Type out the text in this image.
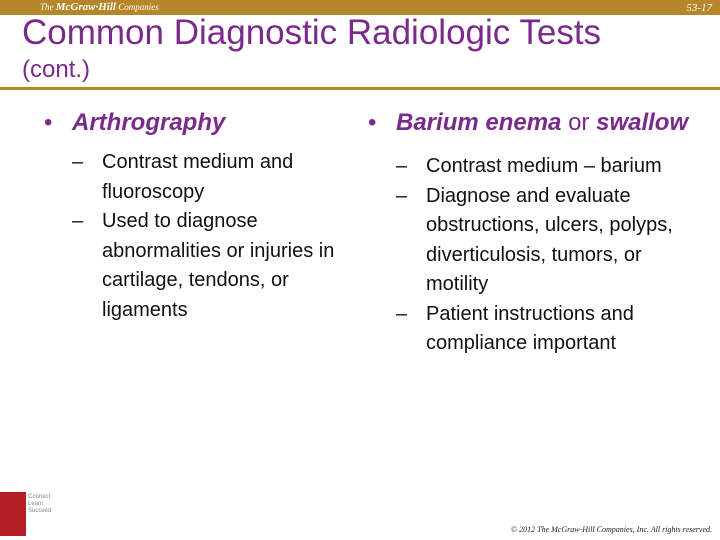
The McGraw·Hill Companies	53-17
Common Diagnostic Radiologic Tests
(cont.)
• Arthrography
– Contrast medium and fluoroscopy
– Used to diagnose abnormalities or injuries in cartilage, tendons, or ligaments
• Barium enema or swallow
– Contrast medium – barium
– Diagnose and evaluate obstructions, ulcers, polyps, diverticulosis, tumors, or motility
– Patient instructions and compliance important
Connect Learn Succeed
© 2012 The McGraw-Hill Companies, Inc. All rights reserved.
